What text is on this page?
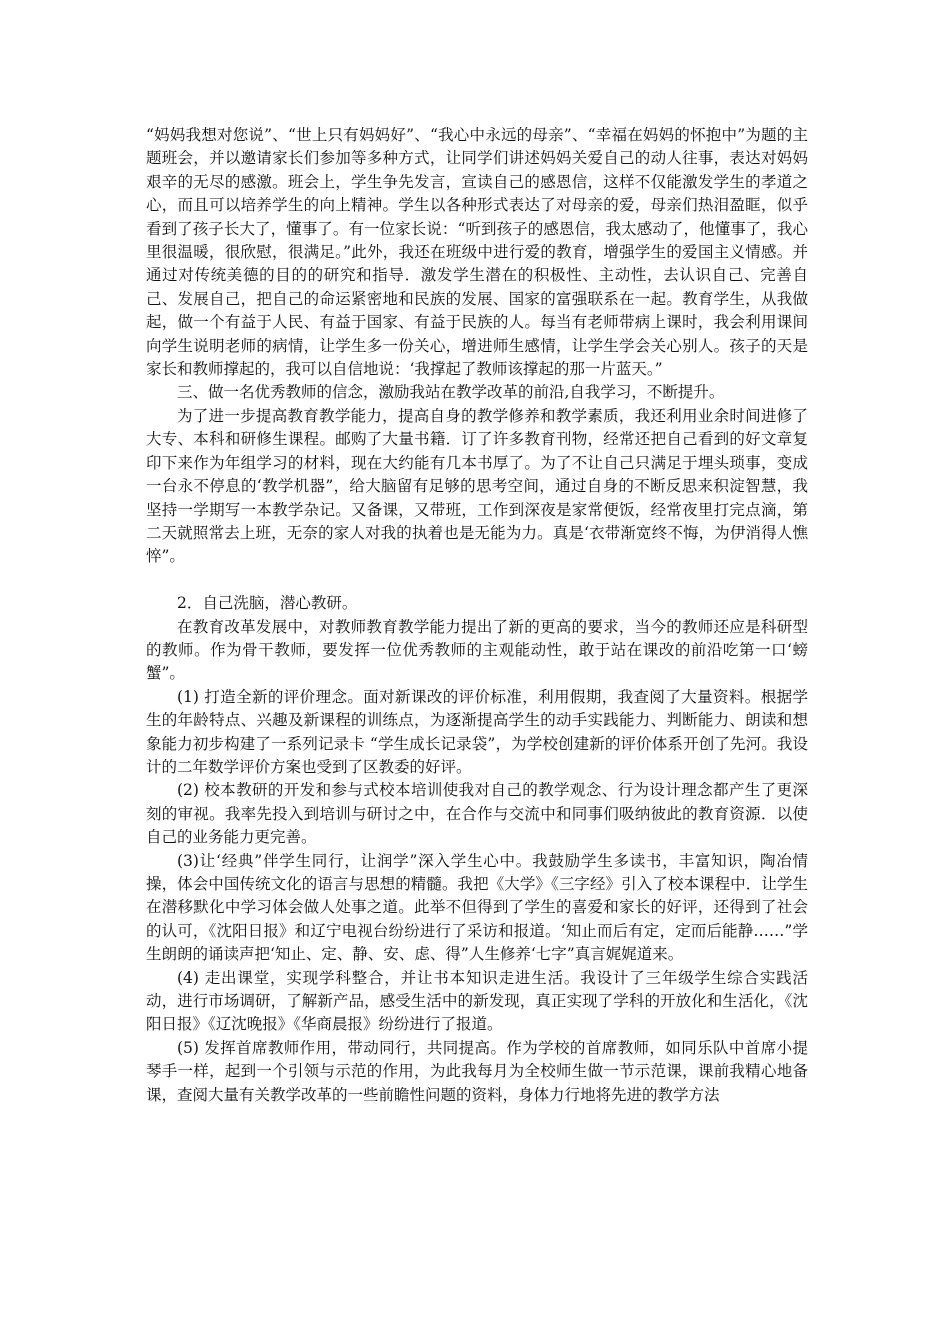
“妈妈我想对您说”、“世上只有妈妈好”、“我心中永远的母亲”、“幸福在妈妈的怀抱中”为题的主题班会，并以邀请家长们参加等多种方式，让同学们讲述妈妈关爱自己的动人往事，表达对妈妈艰辛的无尽的感激。班会上，学生争先发言，宣读自己的感恩信，这样不仅能激发学生的孝道之心，而且可以培养学生的向上精神。学生以各种形式表达了对母亲的爱，母亲们热泪盈眶，似乎看到了孩子长大了，懂事了。有一位家长说：“听到孩子的感恩信，我太感动了，他懂事了，我心里很温暖，很欣慰，很满足。”此外，我还在班级中进行爱的教育，增强学生的爱国主义情感。并通过对传统美德的目的的研究和指导．激发学生潜在的积极性、主动性，去认识自己、完善自己、发展自己，把自己的命运紧密地和民族的发展、国家的富强联系在一起。教育学生，从我做起，做一个有益于人民、有益于国家、有益于民族的人。每当有老师带病上课时，我会利用课间向学生说明老师的病情，让学生多一份关心，增进师生感情，让学生学会关心别人。孩子的天是家长和教师撑起的，我可以自信地说：‘我撑起了教师该撑起的那一片蓝天。”

三、做一名优秀教师的信念，激励我站在教学改革的前沿,自我学习，不断提升。

为了进一步提高教育教学能力，提高自身的教学修养和教学素质，我还利用业余时间进修了大专、本科和研修生课程。邮购了大量书籍．订了许多教育刊物，经常还把自己看到的好文章复印下来作为年组学习的材料，现在大约能有几本书厚了。为了不让自己只满足于埋头琐事，变成一台永不停息的‘教学机器”，给大脑留有足够的思考空间，通过自身的不断反思来积淀智慧，我坚持一学期写一本教学杂记。又备课，又带班，工作到深夜是家常便饭，经常夜里打完点滴，第二天就照常去上班，无奈的家人对我的执着也是无能为力。真是‘衣带渐宽终不悔，为伊消得人憔悴”。

2．自己洗脑，潜心教研。

在教育改革发展中，对教师教育教学能力提出了新的更高的要求，当今的教师还应是科研型的教师。作为骨干教师，要发挥一位优秀教师的主观能动性，敢于站在课改的前沿吃第一口‘螃蟹”。

(1) 打造全新的评价理念。面对新课改的评价标准，利用假期，我查阅了大量资料。根据学生的年龄特点、兴趣及新课程的训练点，为逐渐提高学生的动手实践能力、判断能力、朗读和想象能力初步构建了一系列记录卡 “学生成长记录袋”，为学校创建新的评价体系开创了先河。我设计的二年数学评价方案也受到了区教委的好评。

(2) 校本教研的开发和参与式校本培训使我对自己的教学观念、行为设计理念都产生了更深刻的审视。我率先投入到培训与研讨之中，在合作与交流中和同事们吸纳彼此的教育资源．以使自己的业务能力更完善。

(3)让‘经典”伴学生同行，让润学”深入学生心中。我鼓励学生多读书，丰富知识，陶冶情操，体会中国传统文化的语言与思想的精髓。我把《大学》《三字经》引入了校本课程中．让学生在潜移默化中学习体会做人处事之道。此举不但得到了学生的喜爱和家长的好评，还得到了社会的认可，《沈阳日报》和辽宁电视台纷纷进行了采访和报道。‘知止而后有定，定而后能静……”学生朗朗的诵读声把‘知止、定、静、安、虑、得”人生修养‘七字”真言娓娓道来。

(4) 走出课堂，实现学科整合，并让书本知识走进生活。我设计了三年级学生综合实践活动，进行市场调研，了解新产品，感受生活中的新发现，真正实现了学科的开放化和生活化，《沈阳日报》《辽沈晚报》《华商晨报》纷纷进行了报道。

(5) 发挥首席教师作用，带动同行，共同提高。作为学校的首席教师，如同乐队中首席小提琴手一样，起到一个引领与示范的作用，为此我每月为全校师生做一节示范课，课前我精心地备课，查阅大量有关教学改革的一些前瞻性问题的资料，身体力行地将先进的教学方法
